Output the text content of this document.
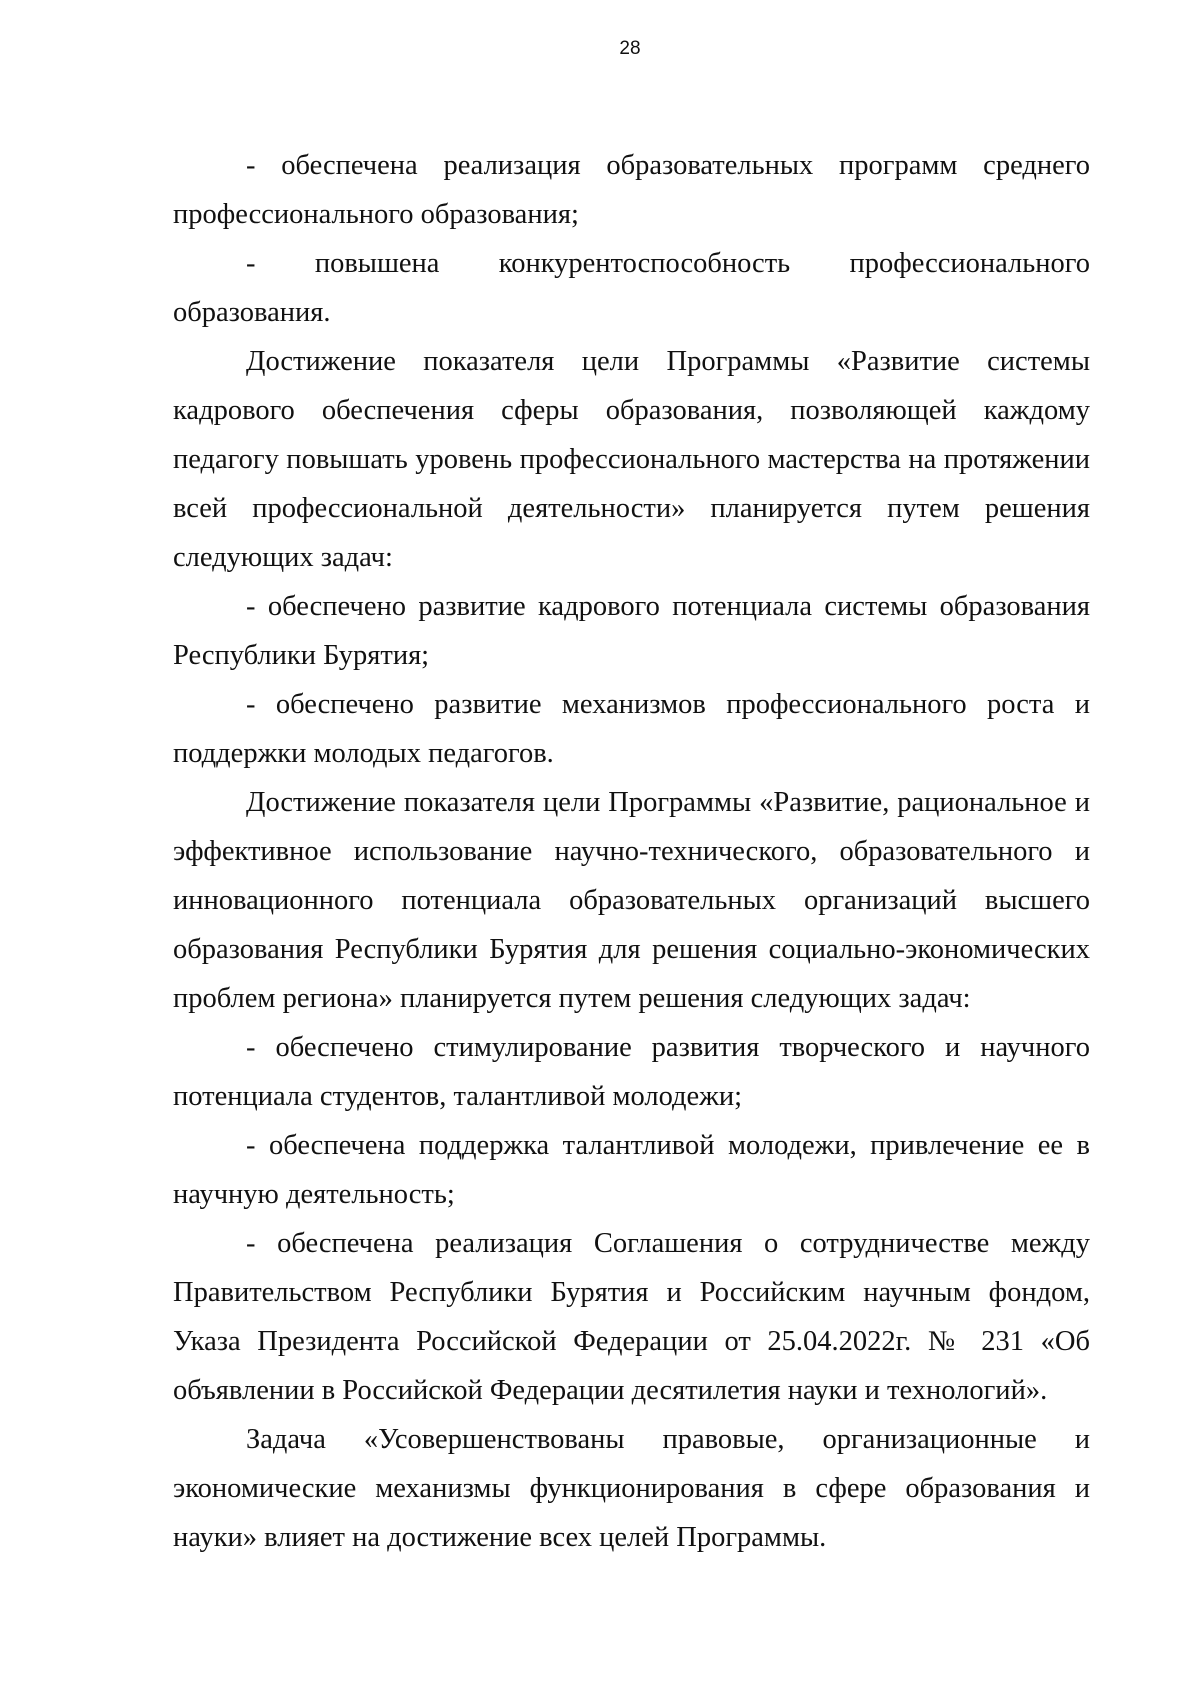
28

- обеспечена реализация образовательных программ среднего профессионального образования;

- повышена конкурентоспособность профессионального образования.

Достижение показателя цели Программы «Развитие системы кадрового обеспечения сферы образования, позволяющей каждому педагогу повышать уровень профессионального мастерства на протяжении всей профессиональной деятельности» планируется путем решения следующих задач:

- обеспечено развитие кадрового потенциала системы образования Республики Бурятия;

- обеспечено развитие механизмов профессионального роста и поддержки молодых педагогов.

Достижение показателя цели Программы «Развитие, рациональное и эффективное использование научно-технического, образовательного и инновационного потенциала образовательных организаций высшего образования Республики Бурятия для решения социально-экономических проблем региона» планируется путем решения следующих задач:

- обеспечено стимулирование развития творческого и научного потенциала студентов, талантливой молодежи;

- обеспечена поддержка талантливой молодежи, привлечение ее в научную деятельность;

- обеспечена реализация Соглашения о сотрудничестве между Правительством Республики Бурятия и Российским научным фондом, Указа Президента Российской Федерации от 25.04.2022г. № 231 «Об объявлении в Российской Федерации десятилетия науки и технологий».

Задача «Усовершенствованы правовые, организационные и экономические механизмы функционирования в сфере образования и науки» влияет на достижение всех целей Программы.
